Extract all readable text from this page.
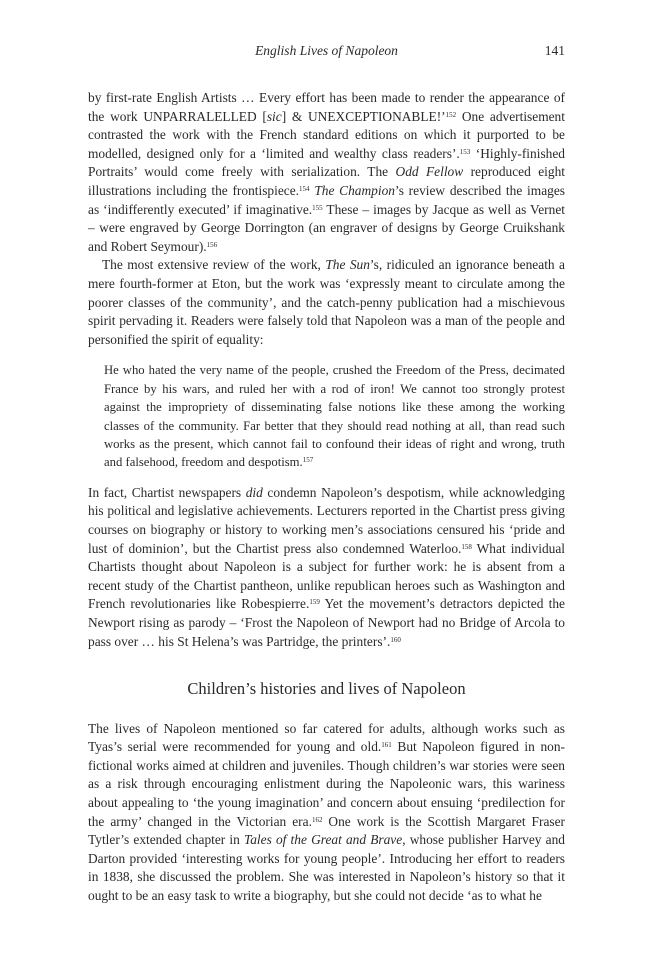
English Lives of Napoleon	141

by first-rate English Artists … Every effort has been made to render the appearance of the work UNPARRALELLED [sic] & UNEXCEPTIONABLE!’$^{152}$ One advertisement contrasted the work with the French standard editions on which it purported to be modelled, designed only for a ‘limited and wealthy class readers’.$^{153}$ ‘Highly-finished Portraits’ would come freely with serialization. The Odd Fellow reproduced eight illustrations including the frontispiece.$^{154}$ The Champion’s review described the images as ‘indifferently executed’ if imaginative.$^{155}$ These – images by Jacque as well as Vernet – were engraved by George Dorrington (an engraver of designs by George Cruikshank and Robert Seymour).$^{156}$

The most extensive review of the work, The Sun’s, ridiculed an ignorance beneath a mere fourth-former at Eton, but the work was ‘expressly meant to circulate among the poorer classes of the community’, and the catch-penny publication had a mischievous spirit pervading it. Readers were falsely told that Napoleon was a man of the people and personified the spirit of equality:

He who hated the very name of the people, crushed the Freedom of the Press, decimated France by his wars, and ruled her with a rod of iron! We cannot too strongly protest against the impropriety of disseminating false notions like these among the working classes of the community. Far better that they should read nothing at all, than read such works as the present, which cannot fail to confound their ideas of right and wrong, truth and falsehood, freedom and despotism.$^{157}$

In fact, Chartist newspapers did condemn Napoleon’s despotism, while acknowledging his political and legislative achievements. Lecturers reported in the Chartist press giving courses on biography or history to working men’s associations censured his ‘pride and lust of dominion’, but the Chartist press also condemned Waterloo.$^{158}$ What individual Chartists thought about Napoleon is a subject for further work: he is absent from a recent study of the Chartist pantheon, unlike republican heroes such as Washington and French revolutionaries like Robespierre.$^{159}$ Yet the movement’s detractors depicted the Newport rising as parody – ‘Frost the Napoleon of Newport had no Bridge of Arcola to pass over … his St Helena’s was Partridge, the printers’.$^{160}$

Children’s histories and lives of Napoleon

The lives of Napoleon mentioned so far catered for adults, although works such as Tyas’s serial were recommended for young and old.$^{161}$ But Napoleon figured in non-fictional works aimed at children and juveniles. Though children’s war stories were seen as a risk through encouraging enlistment during the Napoleonic wars, this wariness about appealing to ‘the young imagination’ and concern about ensuing ‘predilection for the army’ changed in the Victorian era.$^{162}$ One work is the Scottish Margaret Fraser Tytler’s extended chapter in Tales of the Great and Brave, whose publisher Harvey and Darton provided ‘interesting works for young people’. Introducing her effort to readers in 1838, she discussed the problem. She was interested in Napoleon’s history so that it ought to be an easy task to write a biography, but she could not decide ‘as to what he
